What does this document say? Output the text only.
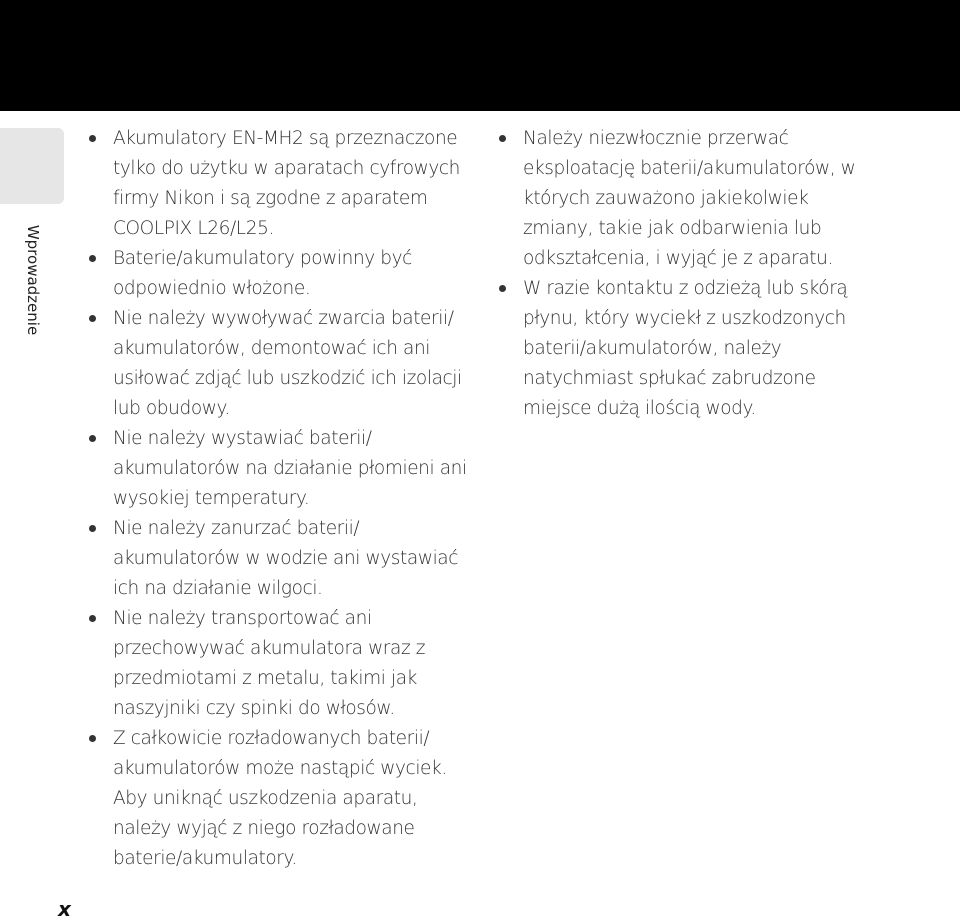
Wprowadzenie
Akumulatory EN-MH2 są przeznaczone tylko do użytku w aparatach cyfrowych firmy Nikon i są zgodne z aparatem COOLPIX L26/L25.
Baterie/akumulatory powinny być odpowiednio włożone.
Nie należy wywoływać zwarcia baterii/ akumulatorów, demontować ich ani usiłować zdjąć lub uszkodzić ich izolacji lub obudowy.
Nie należy wystawiać baterii/ akumulatorów na działanie płomieni ani wysokiej temperatury.
Nie należy zanurzać baterii/ akumulatorów w wodzie ani wystawiać ich na działanie wilgoci.
Nie należy transportować ani przechowywać akumulatora wraz z przedmiotami z metalu, takimi jak naszyjniki czy spinki do włosów.
Z całkowicie rozładowanych baterii/ akumulatorów może nastąpić wyciek. Aby uniknąć uszkodzenia aparatu, należy wyjąć z niego rozładowane baterie/akumulatory.
Należy niezwłocznie przerwać eksploatację baterii/akumulatorów, w których zauważono jakiekolwiek zmiany, takie jak odbarwienia lub odkształcenia, i wyjąć je z aparatu.
W razie kontaktu z odzieżą lub skórą płynu, który wyciekł z uszkodzonych baterii/akumulatorów, należy natychmiast spłukać zabrudzone miejsce dużą ilością wody.
x
